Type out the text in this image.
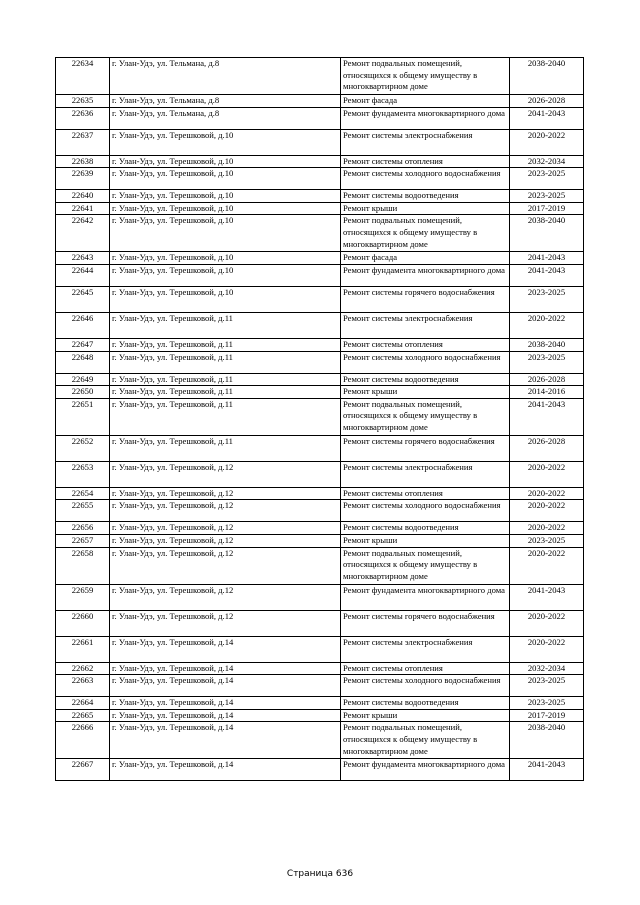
22634	г. Улан-Удэ, ул. Тельмана, д.8	Ремонт подвальных помещений, относящихся к общему имуществу в многоквартирном доме	2038-2040
22635	г. Улан-Удэ, ул. Тельмана, д.8	Ремонт фасада	2026-2028
22636	г. Улан-Удэ, ул. Тельмана, д.8	Ремонт фундамента многоквартирного дома	2041-2043
22637	г. Улан-Удэ, ул. Терешковой, д.10	Ремонт системы электроснабжения	2020-2022
22638	г. Улан-Удэ, ул. Терешковой, д.10	Ремонт системы отопления	2032-2034
22639	г. Улан-Удэ, ул. Терешковой, д.10	Ремонт системы холодного водоснабжения	2023-2025
22640	г. Улан-Удэ, ул. Терешковой, д.10	Ремонт системы водоотведения	2023-2025
22641	г. Улан-Удэ, ул. Терешковой, д.10	Ремонт крыши	2017-2019
22642	г. Улан-Удэ, ул. Терешковой, д.10	Ремонт подвальных помещений, относящихся к общему имуществу в многоквартирном доме	2038-2040
22643	г. Улан-Удэ, ул. Терешковой, д.10	Ремонт фасада	2041-2043
22644	г. Улан-Удэ, ул. Терешковой, д.10	Ремонт фундамента многоквартирного дома	2041-2043
22645	г. Улан-Удэ, ул. Терешковой, д.10	Ремонт системы горячего водоснабжения	2023-2025
22646	г. Улан-Удэ, ул. Терешковой, д.11	Ремонт системы электроснабжения	2020-2022
22647	г. Улан-Удэ, ул. Терешковой, д.11	Ремонт системы отопления	2038-2040
22648	г. Улан-Удэ, ул. Терешковой, д.11	Ремонт системы холодного водоснабжения	2023-2025
22649	г. Улан-Удэ, ул. Терешковой, д.11	Ремонт системы водоотведения	2026-2028
22650	г. Улан-Удэ, ул. Терешковой, д.11	Ремонт крыши	2014-2016
22651	г. Улан-Удэ, ул. Терешковой, д.11	Ремонт подвальных помещений, относящихся к общему имуществу в многоквартирном доме	2041-2043
22652	г. Улан-Удэ, ул. Терешковой, д.11	Ремонт системы горячего водоснабжения	2026-2028
22653	г. Улан-Удэ, ул. Терешковой, д.12	Ремонт системы электроснабжения	2020-2022
22654	г. Улан-Удэ, ул. Терешковой, д.12	Ремонт системы отопления	2020-2022
22655	г. Улан-Удэ, ул. Терешковой, д.12	Ремонт системы холодного водоснабжения	2020-2022
22656	г. Улан-Удэ, ул. Терешковой, д.12	Ремонт системы водоотведения	2020-2022
22657	г. Улан-Удэ, ул. Терешковой, д.12	Ремонт крыши	2023-2025
22658	г. Улан-Удэ, ул. Терешковой, д.12	Ремонт подвальных помещений, относящихся к общему имуществу в многоквартирном доме	2020-2022
22659	г. Улан-Удэ, ул. Терешковой, д.12	Ремонт фундамента многоквартирного дома	2041-2043
22660	г. Улан-Удэ, ул. Терешковой, д.12	Ремонт системы горячего водоснабжения	2020-2022
22661	г. Улан-Удэ, ул. Терешковой, д.14	Ремонт системы электроснабжения	2020-2022
22662	г. Улан-Удэ, ул. Терешковой, д.14	Ремонт системы отопления	2032-2034
22663	г. Улан-Удэ, ул. Терешковой, д.14	Ремонт системы холодного водоснабжения	2023-2025
22664	г. Улан-Удэ, ул. Терешковой, д.14	Ремонт системы водоотведения	2023-2025
22665	г. Улан-Удэ, ул. Терешковой, д.14	Ремонт крыши	2017-2019
22666	г. Улан-Удэ, ул. Терешковой, д.14	Ремонт подвальных помещений, относящихся к общему имуществу в многоквартирном доме	2038-2040
22667	г. Улан-Удэ, ул. Терешковой, д.14	Ремонт фундамента многоквартирного дома	2041-2043
Страница 636
